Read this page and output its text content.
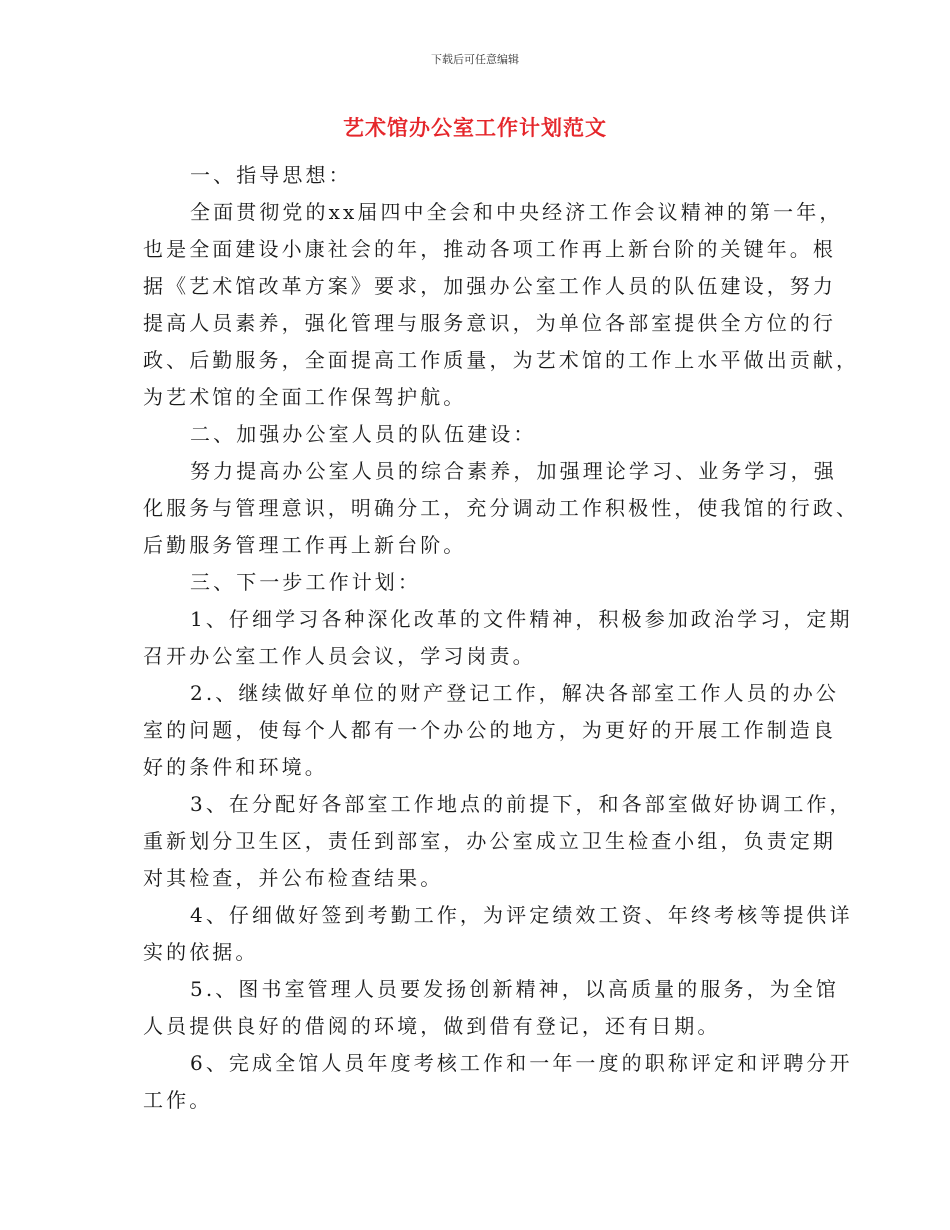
下载后可任意编辑
艺术馆办公室工作计划范文
一、指导思想：
全面贯彻党的xx届四中全会和中央经济工作会议精神的第一年，
也是全面建设小康社会的年，推动各项工作再上新台阶的关键年。根
据《艺术馆改革方案》要求，加强办公室工作人员的队伍建设，努力
提高人员素养，强化管理与服务意识，为单位各部室提供全方位的行
政、后勤服务，全面提高工作质量，为艺术馆的工作上水平做出贡献，
为艺术馆的全面工作保驾护航。
二、加强办公室人员的队伍建设：
努力提高办公室人员的综合素养，加强理论学习、业务学习，强
化服务与管理意识，明确分工，充分调动工作积极性，使我馆的行政、
后勤服务管理工作再上新台阶。
三、下一步工作计划：
1、仔细学习各种深化改革的文件精神，积极参加政治学习，定期
召开办公室工作人员会议，学习岗责。
2.、继续做好单位的财产登记工作，解决各部室工作人员的办公
室的问题，使每个人都有一个办公的地方，为更好的开展工作制造良
好的条件和环境。
3、在分配好各部室工作地点的前提下，和各部室做好协调工作，
重新划分卫生区，责任到部室，办公室成立卫生检查小组，负责定期
对其检查，并公布检查结果。
4、仔细做好签到考勤工作，为评定绩效工资、年终考核等提供详
实的依据。
5.、图书室管理人员要发扬创新精神，以高质量的服务，为全馆
人员提供良好的借阅的环境，做到借有登记，还有日期。
6、完成全馆人员年度考核工作和一年一度的职称评定和评聘分开
工作。
